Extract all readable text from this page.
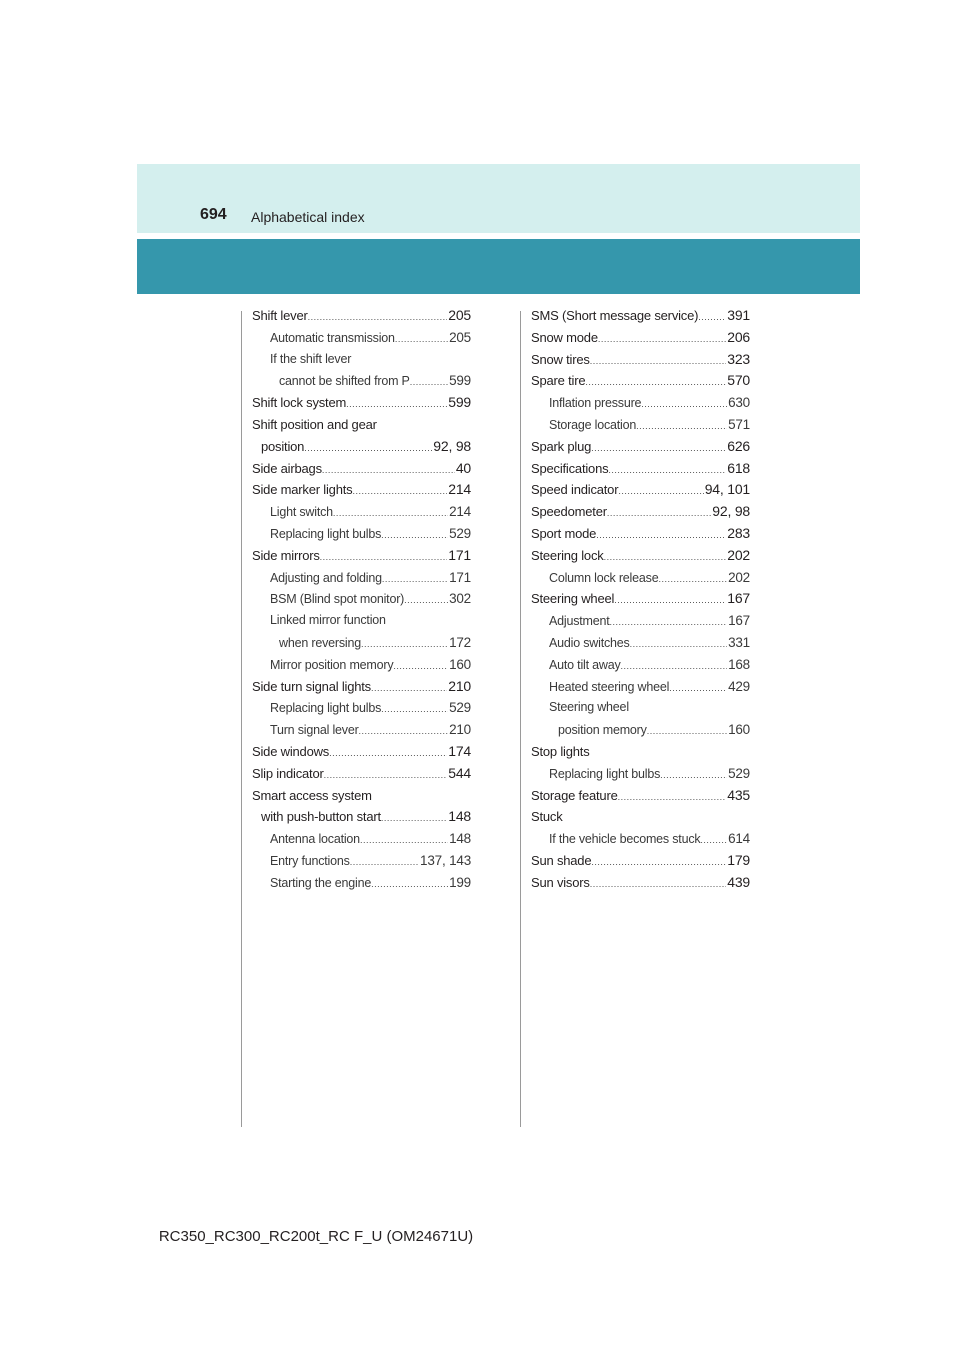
694 Alphabetical index
Shift lever .....	205
Automatic transmission .....	205
If the shift lever
cannot be shifted from P .....	599
Shift lock system .....	599
Shift position and gear
position .....	92, 98
Side airbags .....	40
Side marker lights .....	214
Light switch .....	214
Replacing light bulbs .....	529
Side mirrors .....	171
Adjusting and folding .....	171
BSM (Blind spot monitor) .....	302
Linked mirror function
when reversing .....	172
Mirror position memory .....	160
Side turn signal lights .....	210
Replacing light bulbs .....	529
Turn signal lever .....	210
Side windows .....	174
Slip indicator .....	544
Smart access system
with push-button start .....	148
Antenna location .....	148
Entry functions .....	137, 143
Starting the engine .....	199
SMS (Short message service) ..... 391
Snow mode .....	206
Snow tires .....	323
Spare tire .....	570
Inflation pressure .....	630
Storage location .....	571
Spark plug .....	626
Specifications .....	618
Speed indicator .....	94, 101
Speedometer .....	92, 98
Sport mode .....	283
Steering lock .....	202
Column lock release .....	202
Steering wheel .....	167
Adjustment .....	167
Audio switches .....	331
Auto tilt away .....	168
Heated steering wheel .....	429
Steering wheel
position memory .....	160
Stop lights
Replacing light bulbs .....	529
Storage feature .....	435
Stuck
If the vehicle becomes stuck ..... 614
Sun shade .....	179
Sun visors .....	439
RC350_RC300_RC200t_RC F_U (OM24671U)
